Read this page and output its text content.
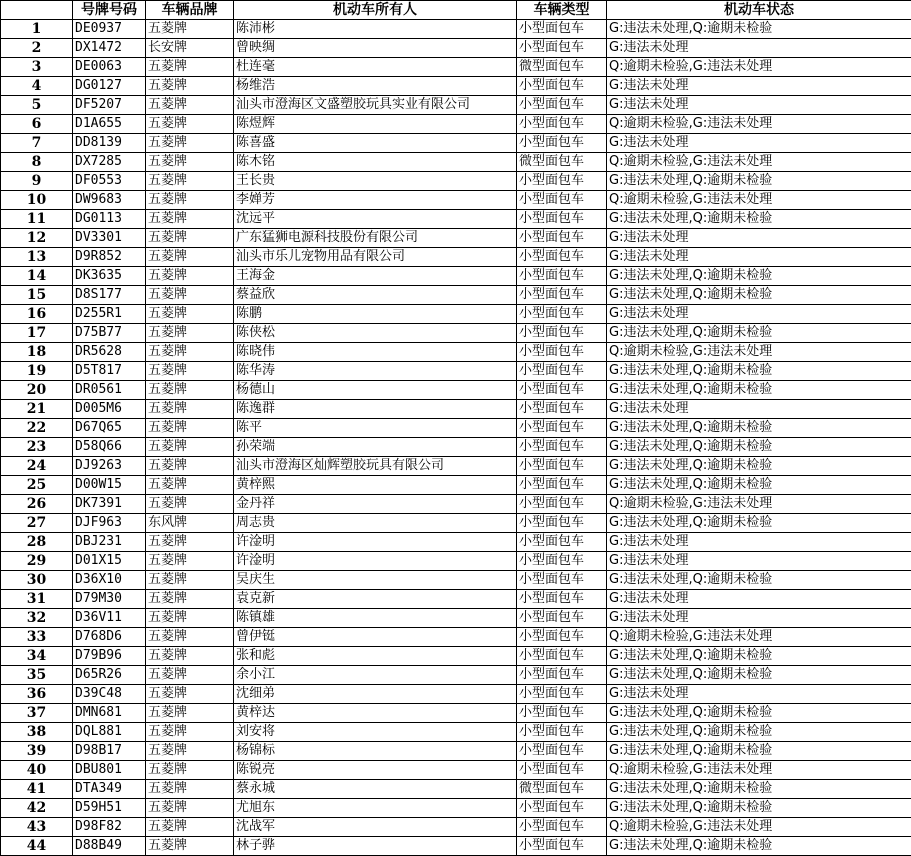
	号牌号码	车辆品牌	机动车所有人	车辆类型	机动车状态
1	DE0937	五菱牌	陈沛彬	小型面包车	G:违法未处理,Q:逾期未检验
2	DX1472	长安牌	曾映绸	小型面包车	G:违法未处理
3	DE0063	五菱牌	杜连毫	微型面包车	Q:逾期未检验,G:违法未处理
4	DG0127	五菱牌	杨维浩	小型面包车	G:违法未处理
5	DF5207	五菱牌	汕头市澄海区文盛塑胶玩具实业有限公司	小型面包车	G:违法未处理
6	D1A655	五菱牌	陈煜辉	小型面包车	Q:逾期未检验,G:违法未处理
7	DD8139	五菱牌	陈喜盛	小型面包车	G:违法未处理
8	DX7285	五菱牌	陈木铭	微型面包车	Q:逾期未检验,G:违法未处理
9	DF0553	五菱牌	王长贵	小型面包车	G:违法未处理,Q:逾期未检验
10	DW9683	五菱牌	李婵芳	小型面包车	Q:逾期未检验,G:违法未处理
11	DG0113	五菱牌	沈远平	小型面包车	G:违法未处理,Q:逾期未检验
12	DV3301	五菱牌	广东猛狮电源科技股份有限公司	小型面包车	G:违法未处理
13	D9R852	五菱牌	汕头市乐儿宠物用品有限公司	小型面包车	G:违法未处理
14	DK3635	五菱牌	王海金	小型面包车	G:违法未处理,Q:逾期未检验
15	D8S177	五菱牌	蔡益欣	小型面包车	G:违法未处理,Q:逾期未检验
16	D255R1	五菱牌	陈鹏	小型面包车	G:违法未处理
17	D75B77	五菱牌	陈侠松	小型面包车	G:违法未处理,Q:逾期未检验
18	DR5628	五菱牌	陈晓伟	小型面包车	Q:逾期未检验,G:违法未处理
19	D5T817	五菱牌	陈华涛	小型面包车	G:违法未处理,Q:逾期未检验
20	DR0561	五菱牌	杨德山	小型面包车	G:违法未处理,Q:逾期未检验
21	D005M6	五菱牌	陈逸群	小型面包车	G:违法未处理
22	D67Q65	五菱牌	陈平	小型面包车	G:违法未处理,Q:逾期未检验
23	D58Q66	五菱牌	孙荣端	小型面包车	G:违法未处理,Q:逾期未检验
24	DJ9263	五菱牌	汕头市澄海区灿辉塑胶玩具有限公司	小型面包车	G:违法未处理,Q:逾期未检验
25	D00W15	五菱牌	黄梓熙	小型面包车	G:违法未处理,Q:逾期未检验
26	DK7391	五菱牌	金丹祥	小型面包车	Q:逾期未检验,G:违法未处理
27	DJF963	东风牌	周志贵	小型面包车	G:违法未处理,Q:逾期未检验
28	DBJ231	五菱牌	许淦明	小型面包车	G:违法未处理
29	D01X15	五菱牌	许淦明	小型面包车	G:违法未处理
30	D36X10	五菱牌	吴庆生	小型面包车	G:违法未处理,Q:逾期未检验
31	D79M30	五菱牌	袁克新	小型面包车	G:违法未处理
32	D36V11	五菱牌	陈镇雄	小型面包车	G:违法未处理
33	D768D6	五菱牌	曾伊铤	小型面包车	Q:逾期未检验,G:违法未处理
34	D79B96	五菱牌	张和彪	小型面包车	G:违法未处理,Q:逾期未检验
35	D65R26	五菱牌	余小江	小型面包车	G:违法未处理,Q:逾期未检验
36	D39C48	五菱牌	沈细弟	小型面包车	G:违法未处理
37	DMN681	五菱牌	黄梓达	小型面包车	G:违法未处理,Q:逾期未检验
38	DQL881	五菱牌	刘安将	小型面包车	G:违法未处理,Q:逾期未检验
39	D98B17	五菱牌	杨锦标	小型面包车	G:违法未处理,Q:逾期未检验
40	DBU801	五菱牌	陈锐亮	小型面包车	Q:逾期未检验,G:违法未处理
41	DTA349	五菱牌	蔡永城	微型面包车	G:违法未处理,Q:逾期未检验
42	D59H51	五菱牌	尤旭东	小型面包车	G:违法未处理,Q:逾期未检验
43	D98F82	五菱牌	沈战军	小型面包车	Q:逾期未检验,G:违法未处理
44	D88B49	五菱牌	林子骅	小型面包车	G:违法未处理,Q:逾期未检验
